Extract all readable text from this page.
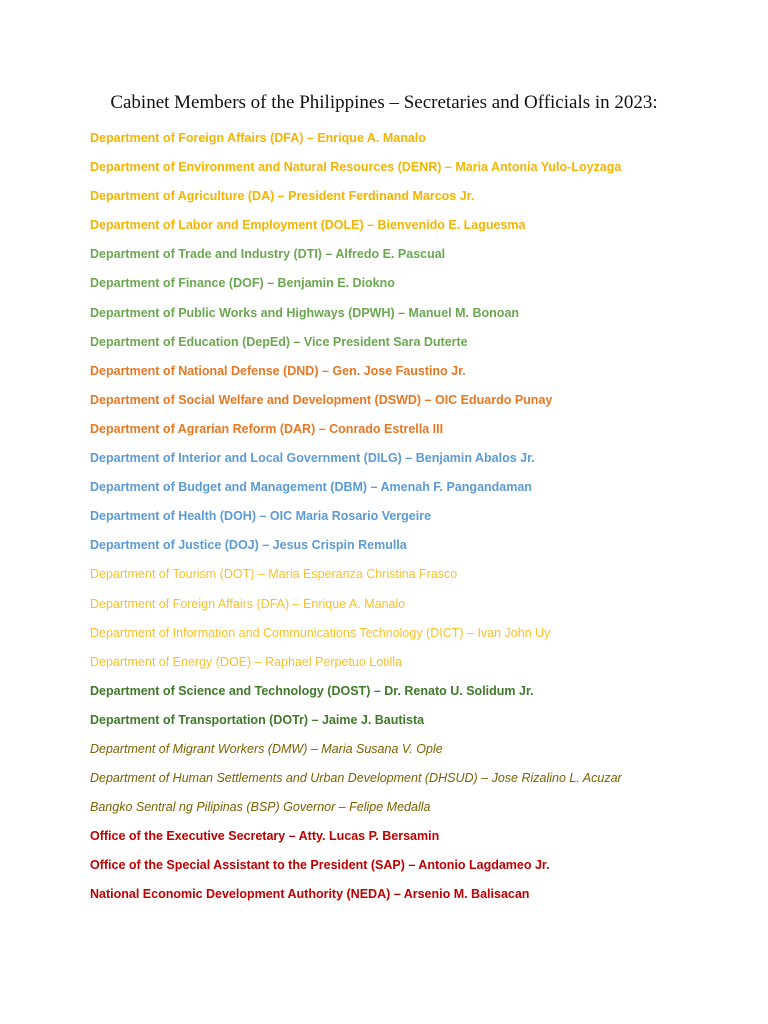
Cabinet Members of the Philippines – Secretaries and Officials in 2023:
Department of Foreign Affairs (DFA) – Enrique A. Manalo
Department of Environment and Natural Resources (DENR) – Maria Antonia Yulo-Loyzaga
Department of Agriculture (DA) – President Ferdinand Marcos Jr.
Department of Labor and Employment (DOLE) – Bienvenido E. Laguesma
Department of Trade and Industry (DTI) – Alfredo E. Pascual
Department of Finance (DOF) – Benjamin E. Diokno
Department of Public Works and Highways (DPWH) – Manuel M. Bonoan
Department of Education (DepEd) – Vice President Sara Duterte
Department of National Defense (DND) – Gen. Jose Faustino Jr.
Department of Social Welfare and Development (DSWD) – OIC Eduardo Punay
Department of Agrarian Reform (DAR) – Conrado Estrella III
Department of Interior and Local Government (DILG) – Benjamin Abalos Jr.
Department of Budget and Management (DBM) – Amenah F. Pangandaman
Department of Health (DOH) – OIC Maria Rosario Vergeire
Department of Justice (DOJ) – Jesus Crispin Remulla
Department of Tourism (DOT) – Maria Esperanza Christina Frasco
Department of Foreign Affairs (DFA) – Enrique A. Manalo
Department of Information and Communications Technology (DICT) – Ivan John Uy
Department of Energy (DOE) – Raphael Perpetuo Lotilla
Department of Science and Technology (DOST) – Dr. Renato U. Solidum Jr.
Department of Transportation (DOTr) – Jaime J. Bautista
Department of Migrant Workers (DMW) – Maria Susana V. Ople
Department of Human Settlements and Urban Development (DHSUD) – Jose Rizalino L. Acuzar
Bangko Sentral ng Pilipinas (BSP) Governor – Felipe Medalla
Office of the Executive Secretary – Atty. Lucas P. Bersamin
Office of the Special Assistant to the President (SAP) – Antonio Lagdameo Jr.
National Economic Development Authority (NEDA) – Arsenio M. Balisacan
